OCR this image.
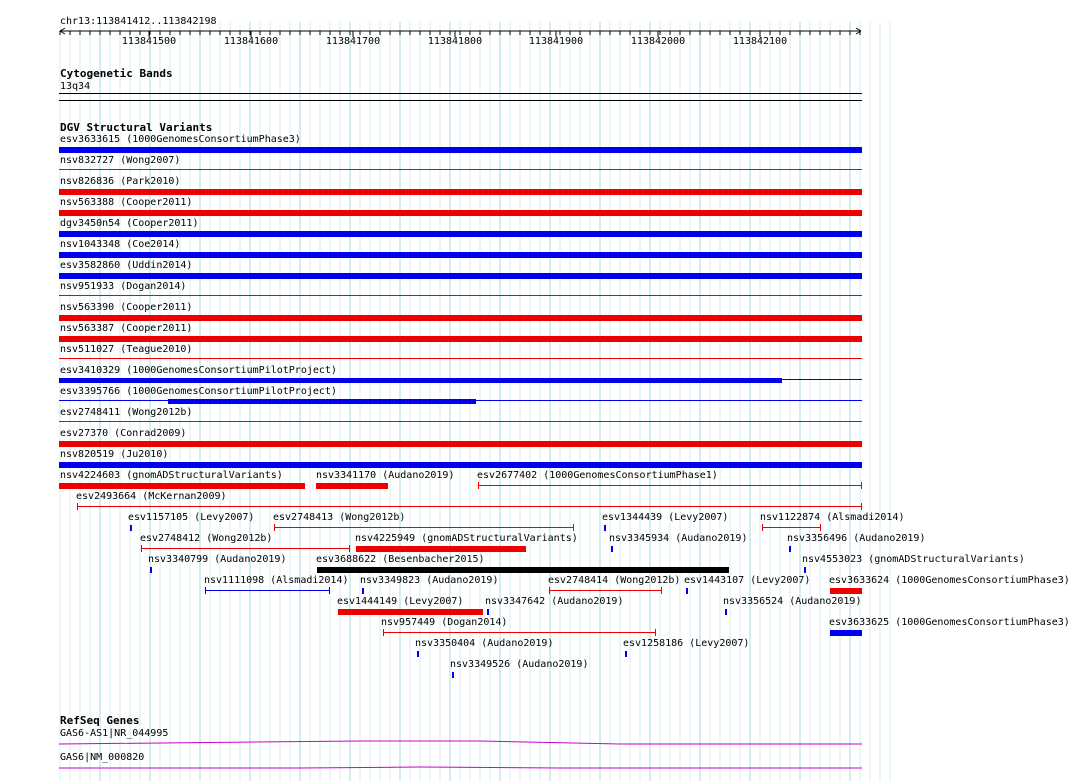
chr13:113841412..113842198
113841500	113841600	113841700	113841800	113841900	113842000	113842100
Cytogenetic Bands
13q34
DGV Structural Variants
RefSeq Genes
esv3633615 (1000GenomesConsortiumPhase3)
nsv832727 (Wong2007)
nsv826836 (Park2010)
nsv563388 (Cooper2011)
dgv3450n54 (Cooper2011)
nsv1043348 (Coe2014)
esv3582860 (Uddin2014)
nsv951933 (Dogan2014)
nsv563390 (Cooper2011)
nsv563387 (Cooper2011)
nsv511027 (Teague2010)
esv3410329 (1000GenomesConsortiumPilotProject)
esv3395766 (1000GenomesConsortiumPilotProject)
esv2748411 (Wong2012b)
esv27370 (Conrad2009)
nsv820519 (Ju2010)
nsv4224603 (gnomADStructuralVariants)	nsv3341170 (Audano2019) esv2677402 (1000GenomesConsortiumPhase1)
esv2493664 (McKernan2009)
esv1157105 (Levy2007) esv2748413 (Wong2012b)	esv1344439 (Levy2007)	nsv1122874 (Alsmadi2014)
esv2748412 (Wong2012b)	nsv4225949 (gnomADStructuralVariants)	nsv3345934 (Audano2019)	nsv3356496 (Audano2019)
nsv3340799 (Audano2019)	esv3688622 (Besenbacher2015)	nsv4553023 (gnomADStructuralVariants)
nsv1111098 (Alsmadi2014) nsv3349823 (Audano2019)	esv2748414 (Wong2012b) esv1443107 (Levy2007) esv3633624 (1000GenomesConsortiumPhase3)
esv1444149 (Levy2007) nsv3347642 (Audano2019)	nsv3356524 (Audano2019)
esv3633625 (1000GenomesConsortiumPhase3)
nsv957449 (Dogan2014)
nsv3350404 (Audano2019)	esv1258186 (Levy2007)
nsv3349526 (Audano2019)
GAS6-AS1|NR_044995
GAS6|NM_000820
